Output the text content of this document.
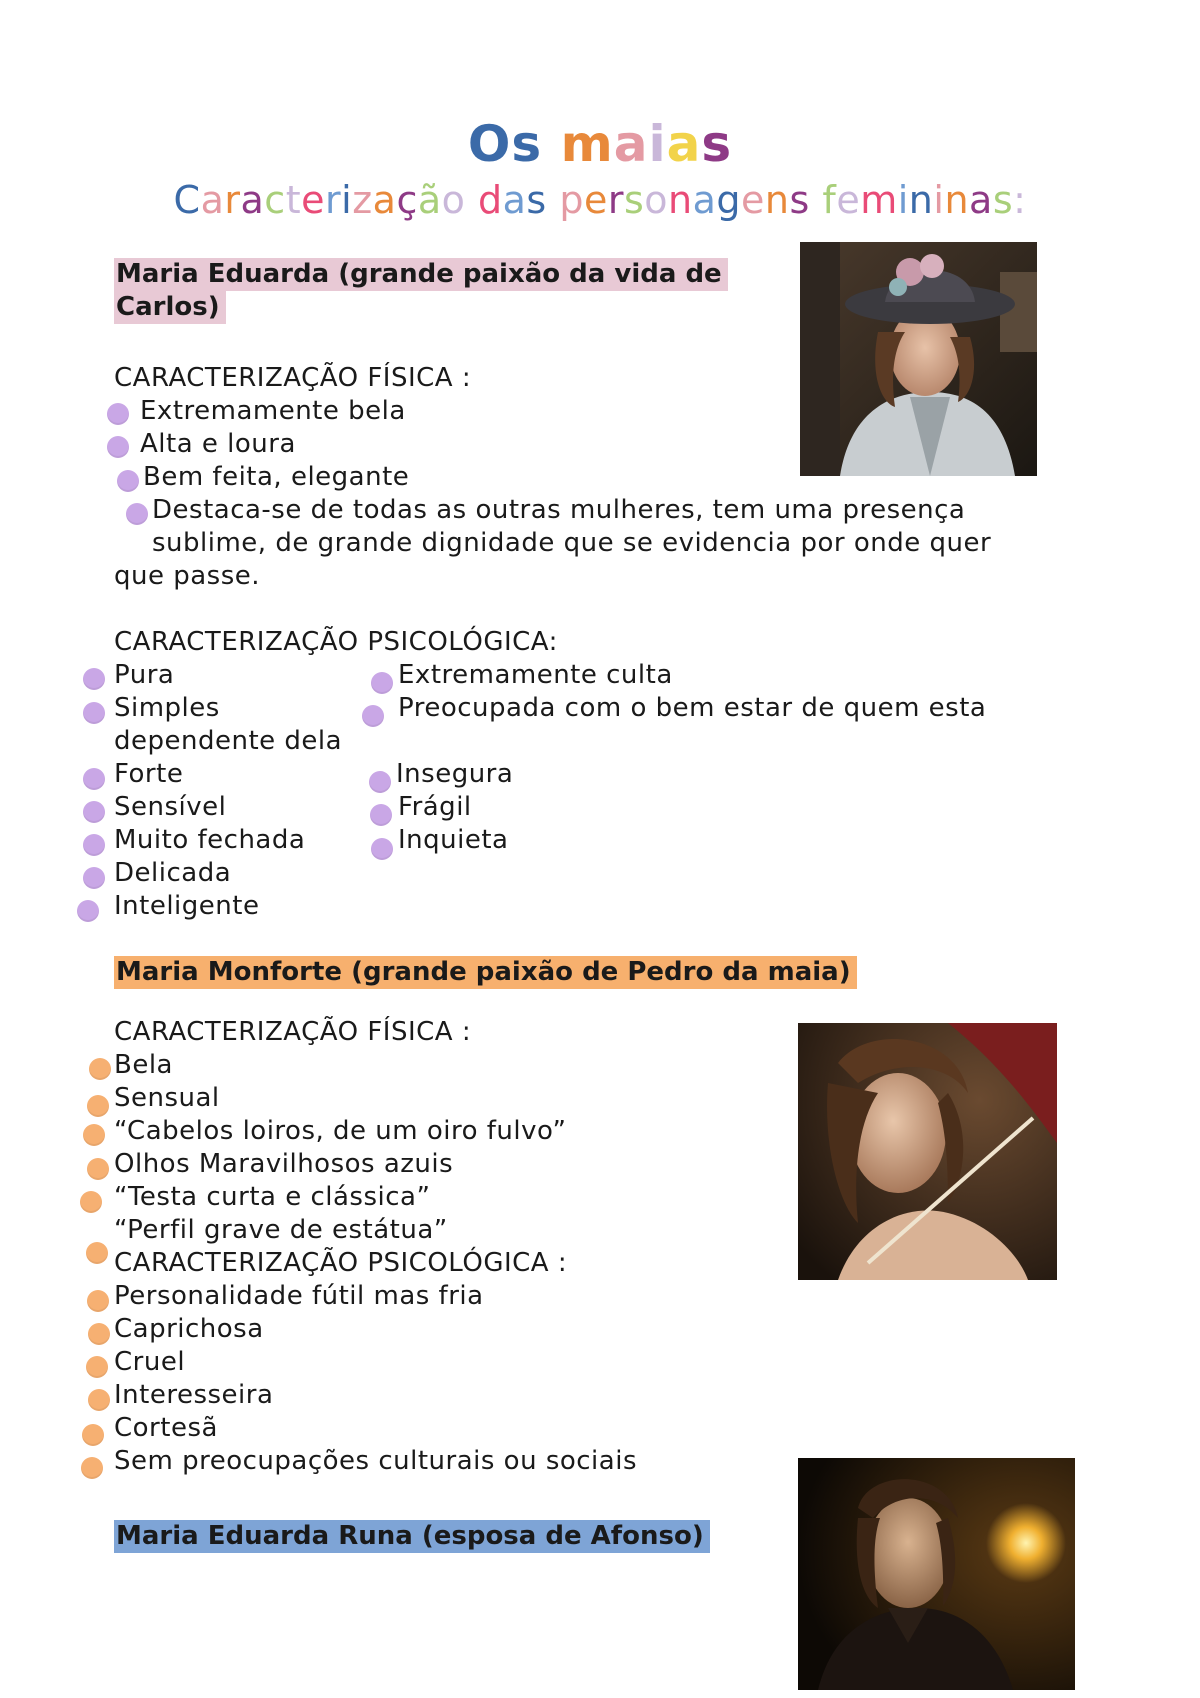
Os maias
Caracterização das personagens femininas:
Maria Eduarda (grande paixão da vida de
Carlos)
CARACTERIZAÇÃO FÍSICA :
Extremamente bela
Alta e loura
Bem feita, elegante
Destaca-se de todas as outras mulheres, tem uma presença
sublime, de grande dignidade que se evidencia por onde quer
que passe.
CARACTERIZAÇÃO PSICOLÓGICA:
Pura
Simples
dependente dela
Forte
Sensível
Muito fechada
Delicada
Inteligente
Extremamente culta
Preocupada com o bem estar de quem esta
Insegura
Frágil
Inquieta
Maria Monforte (grande paixão de Pedro da maia)
CARACTERIZAÇÃO FÍSICA :
Bela
Sensual
“Cabelos loiros, de um oiro fulvo”
Olhos Maravilhosos azuis
“Testa curta e clássica”
“Perfil grave de estátua”
CARACTERIZAÇÃO PSICOLÓGICA :
Personalidade fútil mas fria
Caprichosa
Cruel
Interesseira
Cortesã
Sem preocupações culturais ou sociais
Maria Eduarda Runa (esposa de Afonso)
